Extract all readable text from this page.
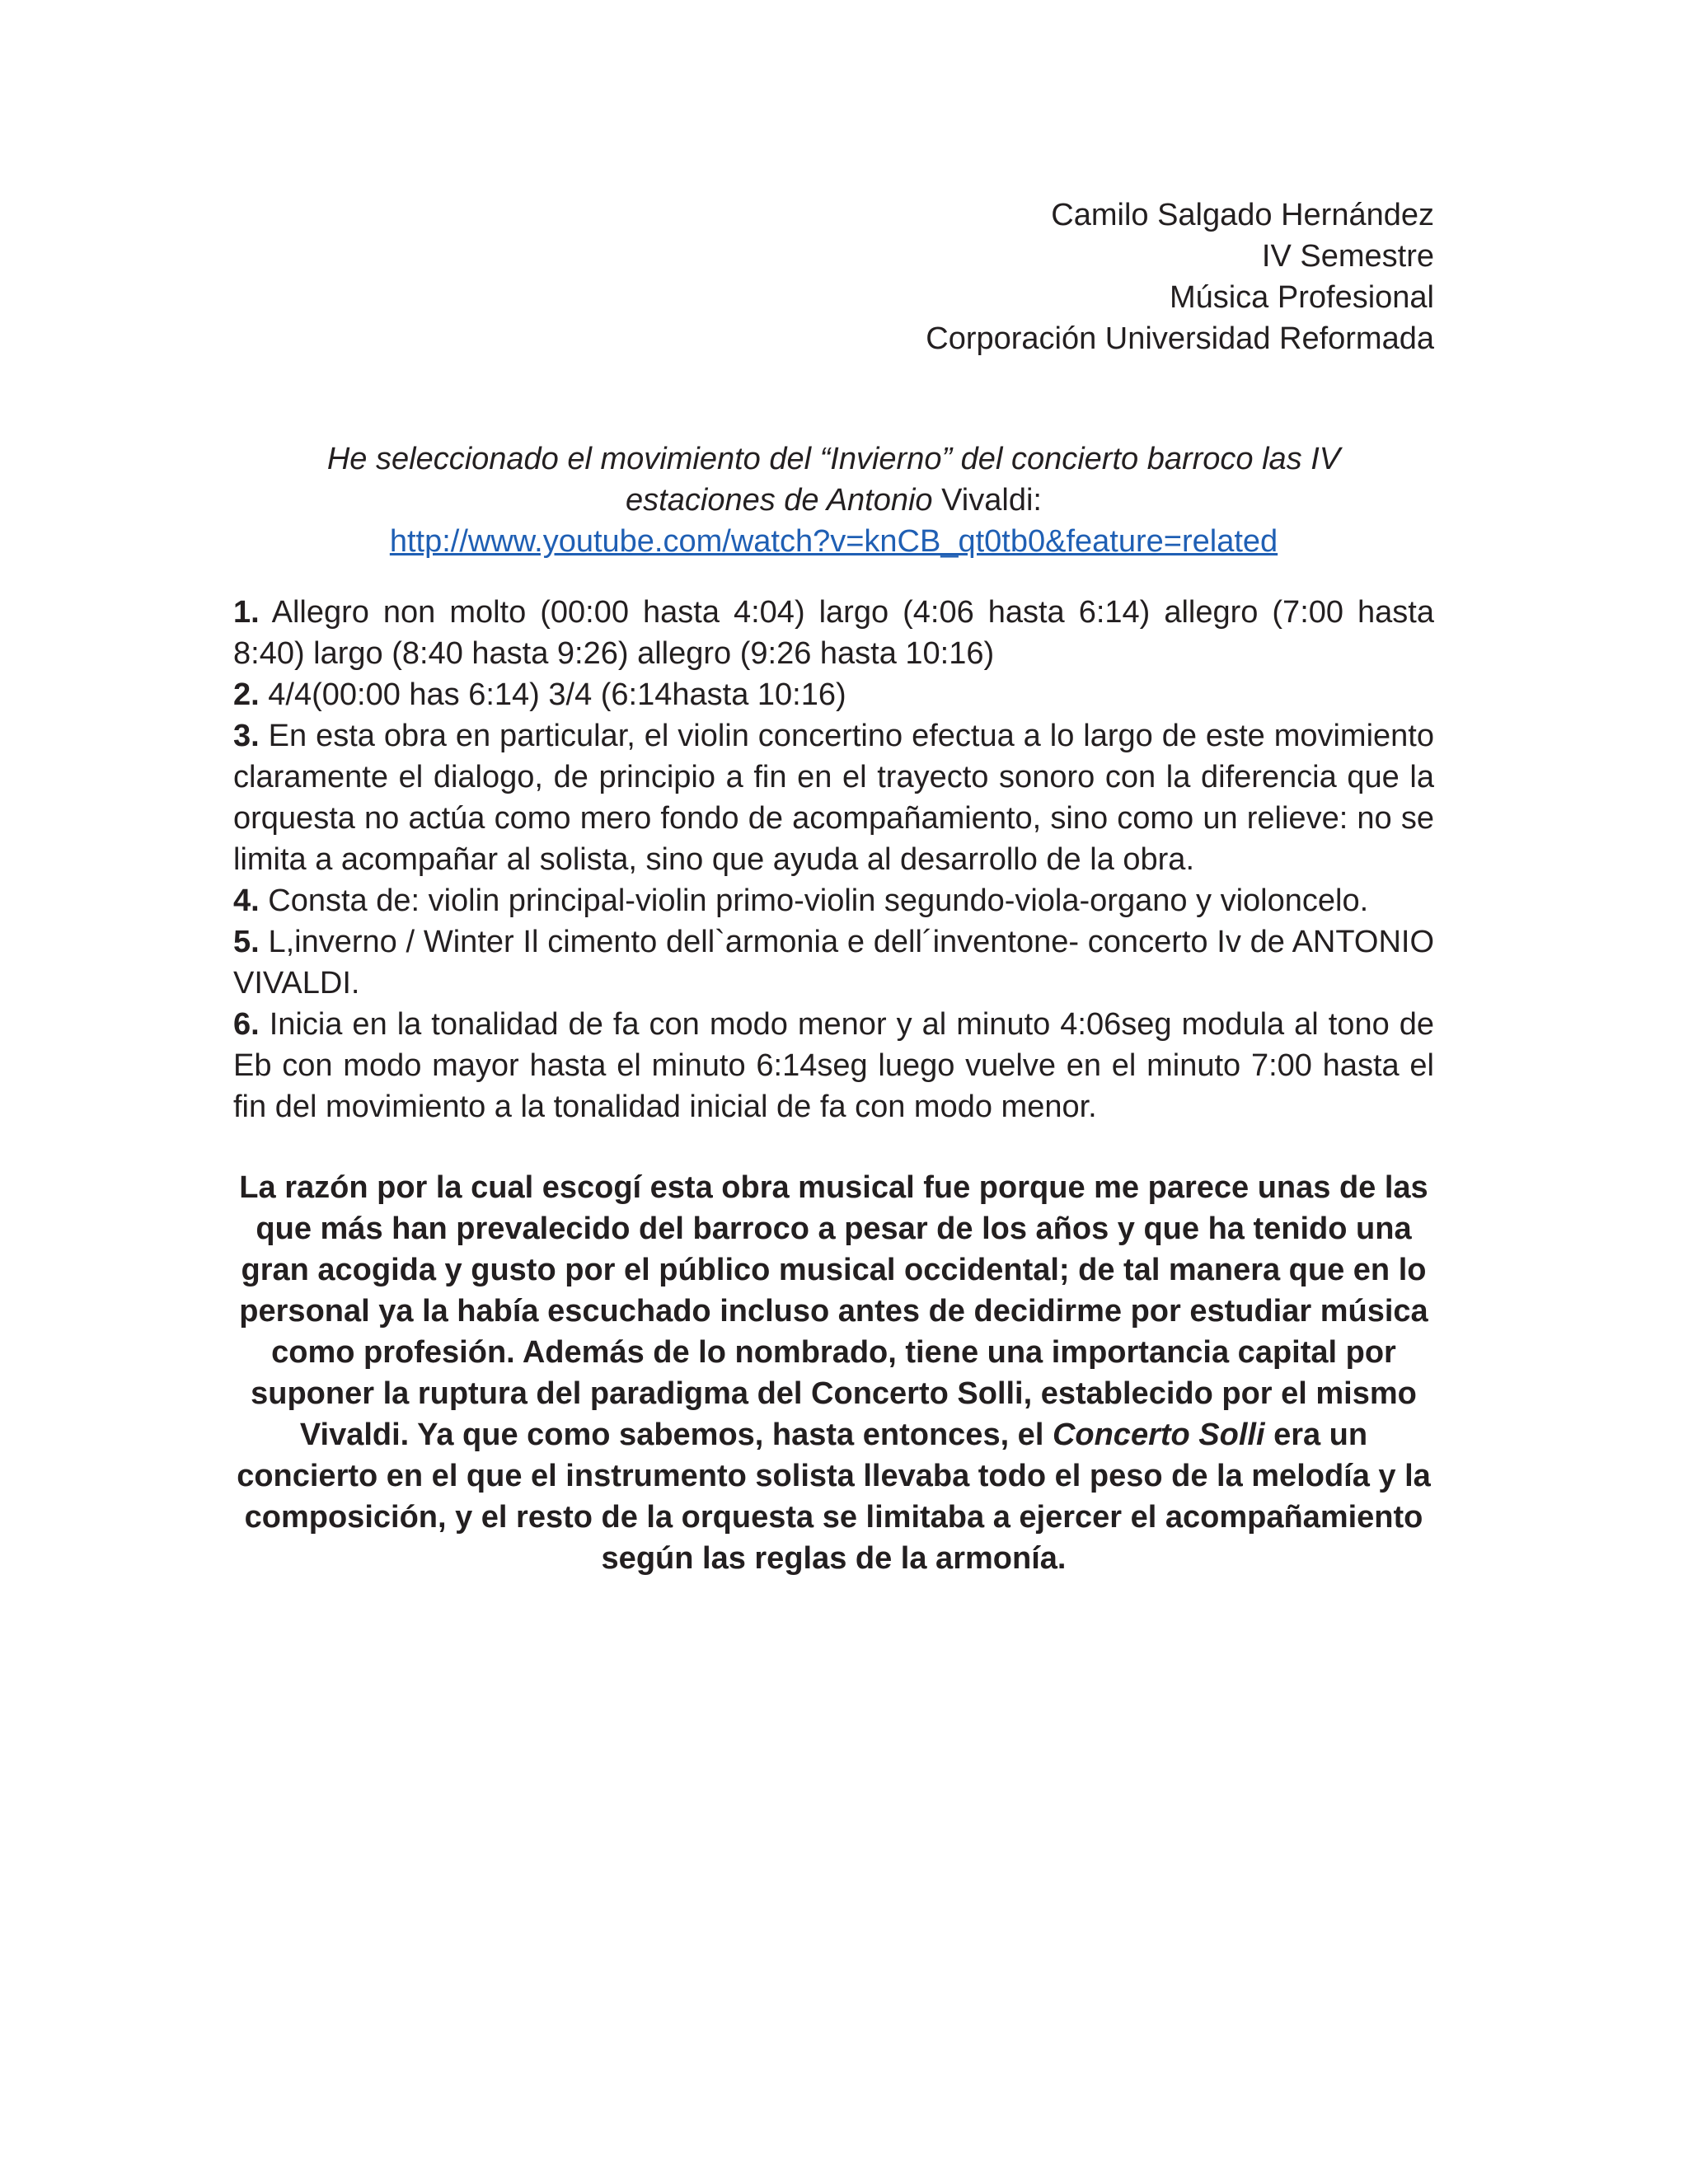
Camilo Salgado Hernández
IV Semestre
Música Profesional
Corporación Universidad Reformada
He seleccionado el movimiento del “Invierno” del concierto barroco las IV
estaciones de Antonio Vivaldi:
http://www.youtube.com/watch?v=knCB_qt0tb0&feature=related

1. Allegro non molto (00:00 hasta 4:04) largo (4:06 hasta 6:14) allegro (7:00 hasta 8:40) largo (8:40 hasta 9:26) allegro (9:26 hasta 10:16)

2. 4/4(00:00 has 6:14) 3/4 (6:14hasta 10:16)

3. En esta obra en particular, el violin concertino efectua a lo largo de este movimiento claramente el dialogo, de principio a fin en el trayecto sonoro con la diferencia que la orquesta no actúa como mero fondo de acompañamiento, sino como un relieve: no se limita a acompañar al solista, sino que ayuda al desarrollo de la obra.

4. Consta de: violin principal-violin primo-violin segundo-viola-organo y violoncelo.

5. L,inverno / Winter Il cimento dell`armonia e dell´inventone- concerto Iv de ANTONIO VIVALDI.

6. Inicia en la tonalidad de fa con modo menor y al minuto 4:06seg modula al tono de Eb con modo mayor hasta el minuto 6:14seg luego vuelve en el minuto 7:00 hasta el fin del movimiento a la tonalidad inicial de fa con modo menor.

La razón por la cual escogí esta obra musical fue porque me parece unas de las que más han prevalecido del barroco a pesar de los años y que ha tenido una gran acogida y gusto por el público musical occidental; de tal manera que en lo personal ya la había escuchado incluso antes de decidirme por estudiar música como profesión. Además de lo nombrado, tiene una importancia capital por suponer la ruptura del paradigma del Concerto Solli, establecido por el mismo Vivaldi. Ya que como sabemos, hasta entonces, el Concerto Solli era un concierto en el que el instrumento solista llevaba todo el peso de la melodía y la composición, y el resto de la orquesta se limitaba a ejercer el acompañamiento según las reglas de la armonía.
